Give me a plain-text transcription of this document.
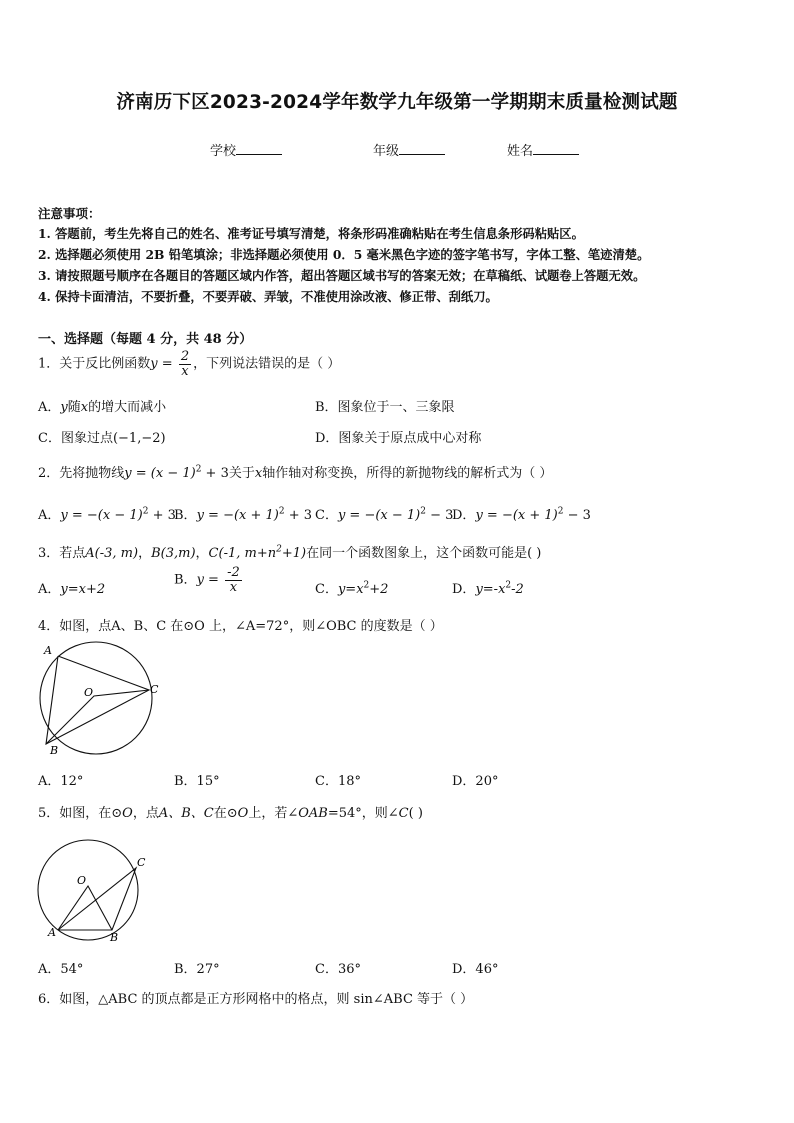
济南历下区2023-2024学年数学九年级第一学期期末质量检测试题
学校	年级	姓名
注意事项：
1. 答题前，考生先将自己的姓名、准考证号填写清楚，将条形码准确粘贴在考生信息条形码粘贴区。
2. 选择题必须使用 2B 铅笔填涂；非选择题必须使用 0．5 毫米黑色字迹的签字笔书写，字体工整、笔迹清楚。
3. 请按照题号顺序在各题目的答题区域内作答，超出答题区域书写的答案无效；在草稿纸、试题卷上答题无效。
4. 保持卡面清洁，不要折叠，不要弄破、弄皱，不准使用涂改液、修正带、刮纸刀。
一、选择题（每题 4 分，共 48 分）
1．关于反比例函数$y = \frac{2}{x}$ ，下列说法错误的是（ ）
A．y随x的增大而减小	B．图象位于一、三象限
C．图象过点(−1,−2)	D．图象关于原点成中心对称
2．先将抛物线$y = (x - 1)^2 + 3$关于x轴作轴对称变换，所得的新抛物线的解析式为（ ）
A．$y = -(x - 1)^2 + 3$
B．$y = -(x + 1)^2 + 3$ C．$y = -(x - 1)^2 - 3$
D．$y = -(x + 1)^2 - 3$
3．若点A(-3, m)，B(3,m)，C(-1, $m+n^2+1$)在同一个函数图象上，这个函数可能是( )
A．y=x+2
B．$y = \frac{-2}{x}$	C．$y=x^2+2$	D．$y=-x^2-2$
4．如图，点A、B、C 在⊙O 上，∠A=72°，则∠OBC 的度数是（ ）
A
O	C
B
A．12°	B．15°	C．18°	D．20°
5．如图，在⊙O，点A、B、C在⊙O上，若∠OAB=54°，则∠C( )
O
C
A	B
A．54°	B．27°	C．36°	D．46°
6．如图，△ABC 的顶点都是正方形网格中的格点，则 sin∠ABC 等于（ ）
